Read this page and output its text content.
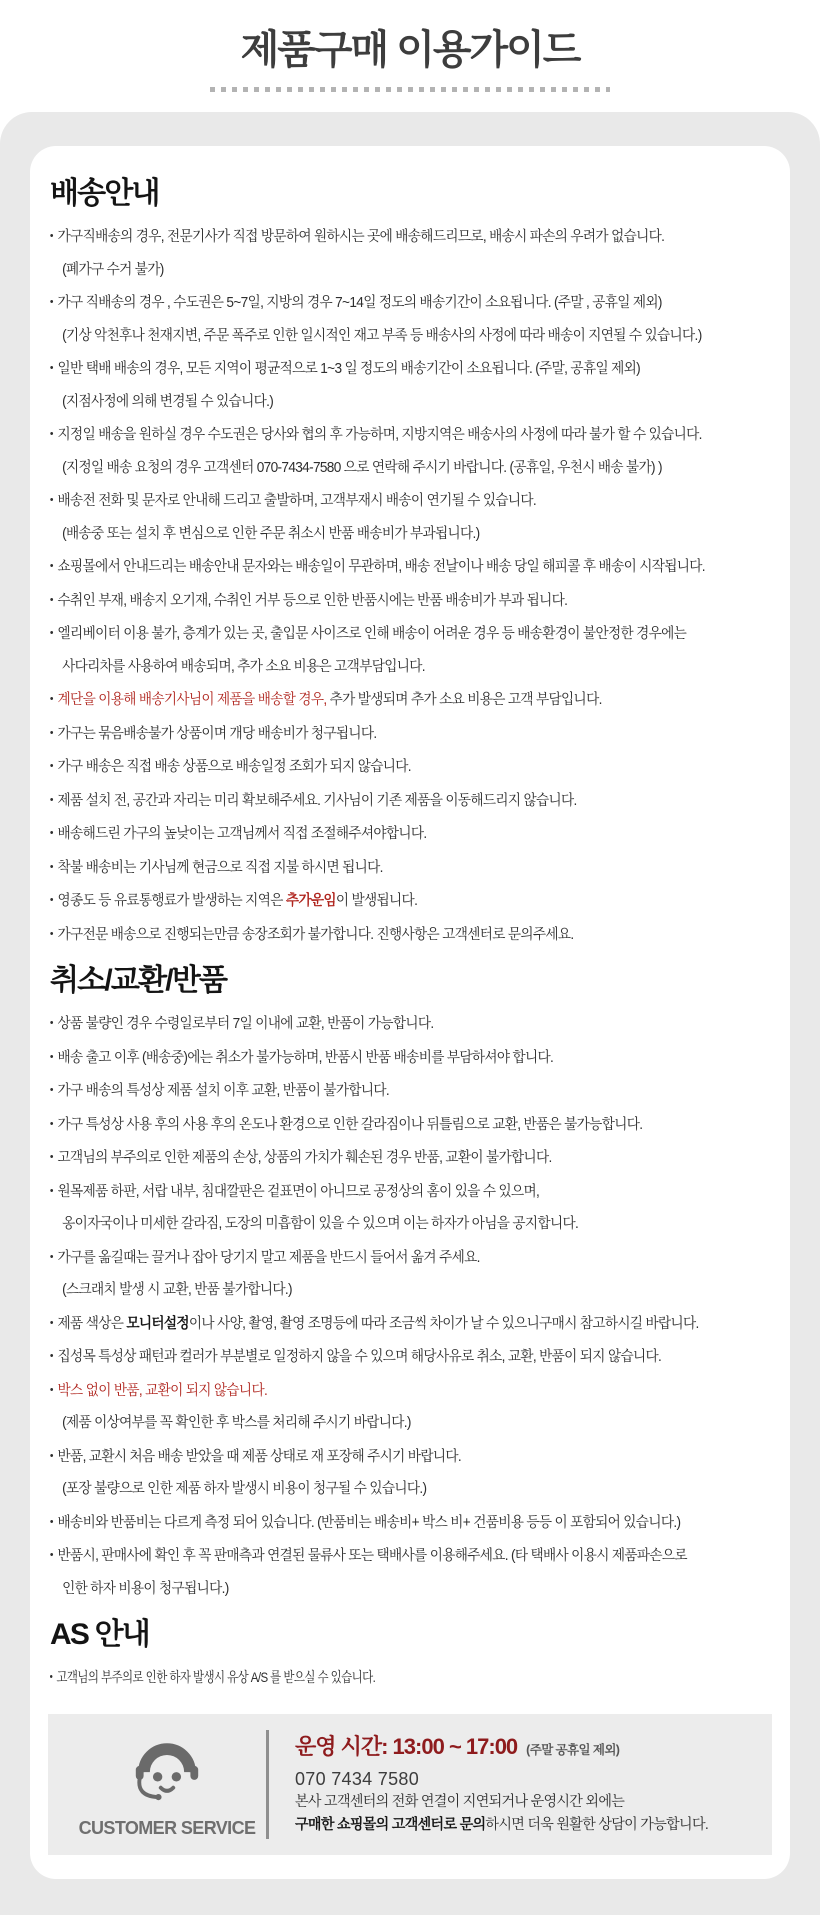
제품구매 이용가이드
배송안내
• 가구직배송의 경우, 전문기사가 직접 방문하여 원하시는 곳에 배송해드리므로, 배송시 파손의 우려가 없습니다.
(폐가구 수거 불가)
• 가구 직배송의 경우 , 수도권은 5~7일, 지방의 경우 7~14일 정도의 배송기간이 소요됩니다. (주말 , 공휴일 제외)
(기상 악천후나 천재지변, 주문 폭주로 인한 일시적인 재고 부족 등 배송사의 사정에 따라 배송이 지연될 수 있습니다.)
• 일반 택배 배송의 경우, 모든 지역이 평균적으로 1~3 일 정도의 배송기간이 소요됩니다. (주말, 공휴일 제외)
(지점사정에 의해 변경될 수 있습니다.)
• 지정일 배송을 원하실 경우 수도권은 당사와 협의 후 가능하며, 지방지역은 배송사의 사정에 따라 불가 할 수 있습니다.
(지정일 배송 요청의 경우 고객센터 070-7434-7580 으로 연락해 주시기 바랍니다. (공휴일, 우천시 배송 불가) )
• 배송전 전화 및 문자로 안내해 드리고 출발하며, 고객부재시 배송이 연기될 수 있습니다.
(배송중 또는 설치 후 변심으로 인한 주문 취소시 반품 배송비가 부과됩니다.)
• 쇼핑몰에서 안내드리는 배송안내 문자와는 배송일이 무관하며, 배송 전날이나 배송 당일 해피콜 후 배송이 시작됩니다.
• 수취인 부재, 배송지 오기재, 수취인 거부 등으로 인한 반품시에는 반품 배송비가 부과 됩니다.
• 엘리베이터 이용 불가, 층계가 있는 곳, 출입문 사이즈로 인해 배송이 어려운 경우 등 배송환경이 불안정한 경우에는
사다리차를 사용하여 배송되며, 추가 소요 비용은 고객부담입니다.
• 계단을 이용해 배송기사님이 제품을 배송할 경우, 추가 발생되며 추가 소요 비용은 고객 부담입니다.
• 가구는 묶음배송불가 상품이며 개당 배송비가 청구됩니다.
• 가구 배송은 직접 배송 상품으로 배송일정 조회가 되지 않습니다.
• 제품 설치 전, 공간과 자리는 미리 확보해주세요. 기사님이 기존 제품을 이동해드리지 않습니다.
• 배송해드린 가구의 높낮이는 고객님께서 직접 조절해주셔야합니다.
• 착불 배송비는 기사님께 현금으로 직접 지불 하시면 됩니다.
• 영종도 등 유료통행료가 발생하는 지역은 추가운임이 발생됩니다.
• 가구전문 배송으로 진행되는만큼 송장조회가 불가합니다. 진행사항은 고객센터로 문의주세요.
취소/교환/반품
• 상품 불량인 경우 수령일로부터 7일 이내에 교환, 반품이 가능합니다.
• 배송 출고 이후 (배송중)에는 취소가 불가능하며, 반품시 반품 배송비를 부담하셔야 합니다.
• 가구 배송의 특성상 제품 설치 이후 교환, 반품이 불가합니다.
• 가구 특성상 사용 후의 사용 후의 온도나 환경으로 인한 갈라짐이나 뒤틀림으로 교환, 반품은 불가능합니다.
• 고객님의 부주의로 인한 제품의 손상, 상품의 가치가 훼손된 경우 반품, 교환이 불가합니다.
• 원목제품 하판, 서랍 내부, 침대깔판은 겉표면이 아니므로 공정상의 홈이 있을 수 있으며,
옹이자국이나 미세한 갈라짐, 도장의 미흡함이 있을 수 있으며 이는 하자가 아님을 공지합니다.
• 가구를 옮길때는 끌거나 잡아 당기지 말고 제품을 반드시 들어서 옮겨 주세요.
(스크래치 발생 시 교환, 반품 불가합니다.)
• 제품 색상은 모니터설정이나 사양, 촬영, 촬영 조명등에 따라 조금씩 차이가 날 수 있으니구매시 참고하시길 바랍니다.
• 집성목 특성상 패턴과 컬러가 부분별로 일정하지 않을 수 있으며 해당사유로 취소, 교환, 반품이 되지 않습니다.
• 박스 없이 반품, 교환이 되지 않습니다.
(제품 이상여부를 꼭 확인한 후 박스를 처리해 주시기 바랍니다.)
• 반품, 교환시 처음 배송 받았을 때 제품 상태로 재 포장해 주시기 바랍니다.
(포장 불량으로 인한 제품 하자 발생시 비용이 청구될 수 있습니다.)
• 배송비와 반품비는 다르게 측정 되어 있습니다. (반품비는 배송비+ 박스 비+ 건품비용 등등 이 포함되어 있습니다.)
• 반품시, 판매사에 확인 후 꼭 판매측과 연결된 물류사 또는 택배사를 이용해주세요. (타 택배사 이용시 제품파손으로
인한 하자 비용이 청구됩니다.)
AS 안내
• 고객님의 부주의로 인한 하자 발생시 유상 A/S 를 받으실 수 있습니다.
CUSTOMER SERVICE
운영 시간: 13:00 ~ 17:00 (주말 공휴일 제외)
070 7434 7580
본사 고객센터의 전화 연결이 지연되거나 운영시간 외에는
구매한 쇼핑몰의 고객센터로 문의하시면 더욱 원활한 상담이 가능합니다.
